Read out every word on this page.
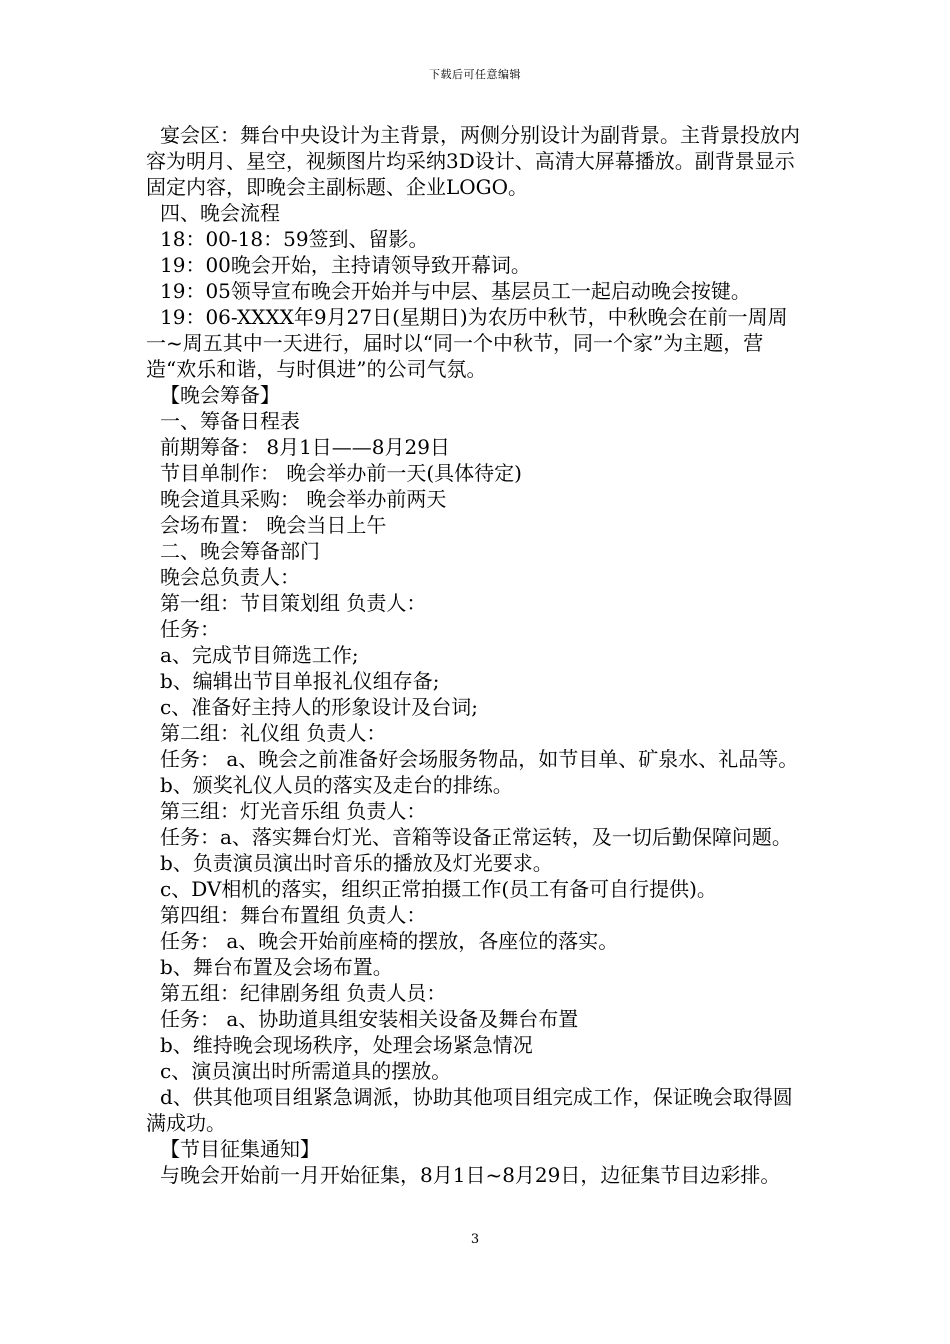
下载后可任意编辑

宴会区：舞台中央设计为主背景，两侧分别设计为副背景。主背景投放内容为明月、星空，视频图片均采纳3D设计、高清大屏幕播放。副背景显示固定内容，即晚会主副标题、企业LOGO。

四、晚会流程

18：00-18：59签到、留影。

19：00晚会开始，主持请领导致开幕词。

19：05领导宣布晚会开始并与中层、基层员工一起启动晚会按键。

19：06-XXXX年9月27日(星期日)为农历中秋节，中秋晚会在前一周周一~周五其中一天进行，届时以“同一个中秋节，同一个家”为主题，营造“欢乐和谐，与时俱进”的公司气氛。

【晚会筹备】

一、筹备日程表

前期筹备： 8月1日——8月29日

节目单制作： 晚会举办前一天(具体待定)

晚会道具采购： 晚会举办前两天

会场布置： 晚会当日上午

二、晚会筹备部门

晚会总负责人：

第一组：节目策划组 负责人：

任务：

a、完成节目筛选工作;

b、编辑出节目单报礼仪组存备;

c、准备好主持人的形象设计及台词;

第二组：礼仪组 负责人：

任务： a、晚会之前准备好会场服务物品，如节目单、矿泉水、礼品等。

b、颁奖礼仪人员的落实及走台的排练。

第三组：灯光音乐组 负责人：

任务：a、落实舞台灯光、音箱等设备正常运转，及一切后勤保障问题。

b、负责演员演出时音乐的播放及灯光要求。

c、DV相机的落实，组织正常拍摄工作(员工有备可自行提供)。

第四组：舞台布置组 负责人：

任务： a、晚会开始前座椅的摆放，各座位的落实。

b、舞台布置及会场布置。

第五组：纪律剧务组 负责人员：

任务： a、协助道具组安装相关设备及舞台布置

b、维持晚会现场秩序，处理会场紧急情况

c、演员演出时所需道具的摆放。

d、供其他项目组紧急调派，协助其他项目组完成工作，保证晚会取得圆满成功。

【节目征集通知】

与晚会开始前一月开始征集，8月1日~8月29日，边征集节目边彩排。

3
